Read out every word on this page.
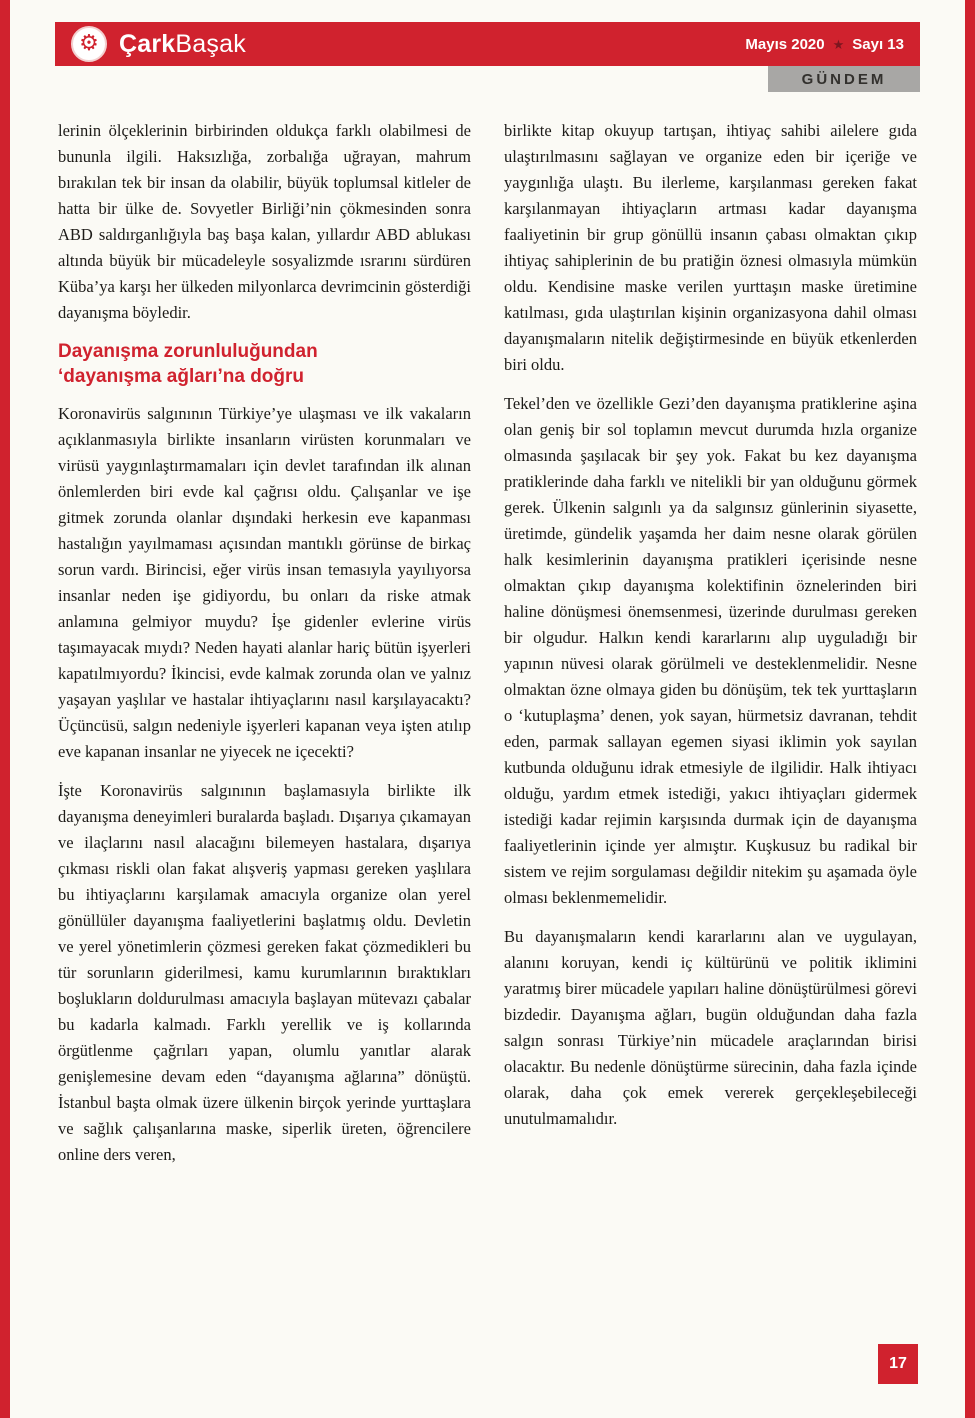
⚙ ÇarkBaşak	Mayıs 2020 ★ Sayı 13
GÜNDEM

lerinin ölçeklerinin birbirinden oldukça farklı olabilmesi de bununla ilgili. Haksızlığa, zorbalığa uğrayan, mahrum bırakılan tek bir insan da olabilir, büyük toplumsal kitleler de hatta bir ülke de. Sovyetler Birliği’nin çökmesinden sonra ABD saldırganlığıyla baş başa kalan, yıllardır ABD ablukası altında büyük bir mücadeleyle sosyalizmde ısrarını sürdüren Küba’ya karşı her ülkeden milyonlarca devrimcinin gösterdiği dayanışma böyledir.

Dayanışma zorunluluğundan
‘dayanışma ağları’na doğru

Koronavirüs salgınının Türkiye’ye ulaşması ve ilk vakaların açıklanmasıyla birlikte insanların virüsten korunmaları ve virüsü yaygınlaştırmamaları için devlet tarafından ilk alınan önlemlerden biri evde kal çağrısı oldu. Çalışanlar ve işe gitmek zorunda olanlar dışındaki herkesin eve kapanması hastalığın yayılmaması açısından mantıklı görünse de birkaç sorun vardı. Birincisi, eğer virüs insan temasıyla yayılıyorsa insanlar neden işe gidiyordu, bu onları da riske atmak anlamına gelmiyor muydu? İşe gidenler evlerine virüs taşımayacak mıydı? Neden hayati alanlar hariç bütün işyerleri kapatılmıyordu? İkincisi, evde kalmak zorunda olan ve yalnız yaşayan yaşlılar ve hastalar ihtiyaçlarını nasıl karşılayacaktı? Üçüncüsü, salgın nedeniyle işyerleri kapanan veya işten atılıp eve kapanan insanlar ne yiyecek ne içecekti?

İşte Koronavirüs salgınının başlamasıyla birlikte ilk dayanışma deneyimleri buralarda başladı. Dışarıya çıkamayan ve ilaçlarını nasıl alacağını bilemeyen hastalara, dışarıya çıkması riskli olan fakat alışveriş yapması gereken yaşlılara bu ihtiyaçlarını karşılamak amacıyla organize olan yerel gönüllüler dayanışma faaliyetlerini başlatmış oldu. Devletin ve yerel yönetimlerin çözmesi gereken fakat çözmedikleri bu tür sorunların giderilmesi, kamu kurumlarının bıraktıkları boşlukların doldurulması amacıyla başlayan mütevazı çabalar bu kadarla kalmadı. Farklı yerellik ve iş kollarında örgütlenme çağrıları yapan, olumlu yanıtlar alarak genişlemesine devam eden “dayanışma ağlarına” dönüştü. İstanbul başta olmak üzere ülkenin birçok yerinde yurttaşlara ve sağlık çalışanlarına maske, siperlik üreten, öğrencilere online ders veren,

birlikte kitap okuyup tartışan, ihtiyaç sahibi ailelere gıda ulaştırılmasını sağlayan ve organize eden bir içeriğe ve yaygınlığa ulaştı. Bu ilerleme, karşılanması gereken fakat karşılanmayan ihtiyaçların artması kadar dayanışma faaliyetinin bir grup gönüllü insanın çabası olmaktan çıkıp ihtiyaç sahiplerinin de bu pratiğin öznesi olmasıyla mümkün oldu. Kendisine maske verilen yurttaşın maske üretimine katılması, gıda ulaştırılan kişinin organizasyona dahil olması dayanışmaların nitelik değiştirmesinde en büyük etkenlerden biri oldu.

Tekel’den ve özellikle Gezi’den dayanışma pratiklerine aşina olan geniş bir sol toplamın mevcut durumda hızla organize olmasında şaşılacak bir şey yok. Fakat bu kez dayanışma pratiklerinde daha farklı ve nitelikli bir yan olduğunu görmek gerek. Ülkenin salgınlı ya da salgınsız günlerinin siyasette, üretimde, gündelik yaşamda her daim nesne olarak görülen halk kesimlerinin dayanışma pratikleri içerisinde nesne olmaktan çıkıp dayanışma kolektifinin öznelerinden biri haline dönüşmesi önemsenmesi, üzerinde durulması gereken bir olgudur. Halkın kendi kararlarını alıp uyguladığı bir yapının nüvesi olarak görülmeli ve desteklenmelidir. Nesne olmaktan özne olmaya giden bu dönüşüm, tek tek yurttaşların o ‘kutuplaşma’ denen, yok sayan, hürmetsiz davranan, tehdit eden, parmak sallayan egemen siyasi iklimin yok sayılan kutbunda olduğunu idrak etmesiyle de ilgilidir. Halk ihtiyacı olduğu, yardım etmek istediği, yakıcı ihtiyaçları gidermek istediği kadar rejimin karşısında durmak için de dayanışma faaliyetlerinin içinde yer almıştır. Kuşkusuz bu radikal bir sistem ve rejim sorgulaması değildir nitekim şu aşamada öyle olması beklenmemelidir.

Bu dayanışmaların kendi kararlarını alan ve uygulayan, alanını koruyan, kendi iç kültürünü ve politik iklimini yaratmış birer mücadele yapıları haline dönüştürülmesi görevi bizdedir. Dayanışma ağları, bugün olduğundan daha fazla salgın sonrası Türkiye’nin mücadele araçlarından birisi olacaktır. Bu nedenle dönüştürme sürecinin, daha fazla içinde olarak, daha çok emek vererek gerçekleşebileceği unutulmamalıdır.

17
